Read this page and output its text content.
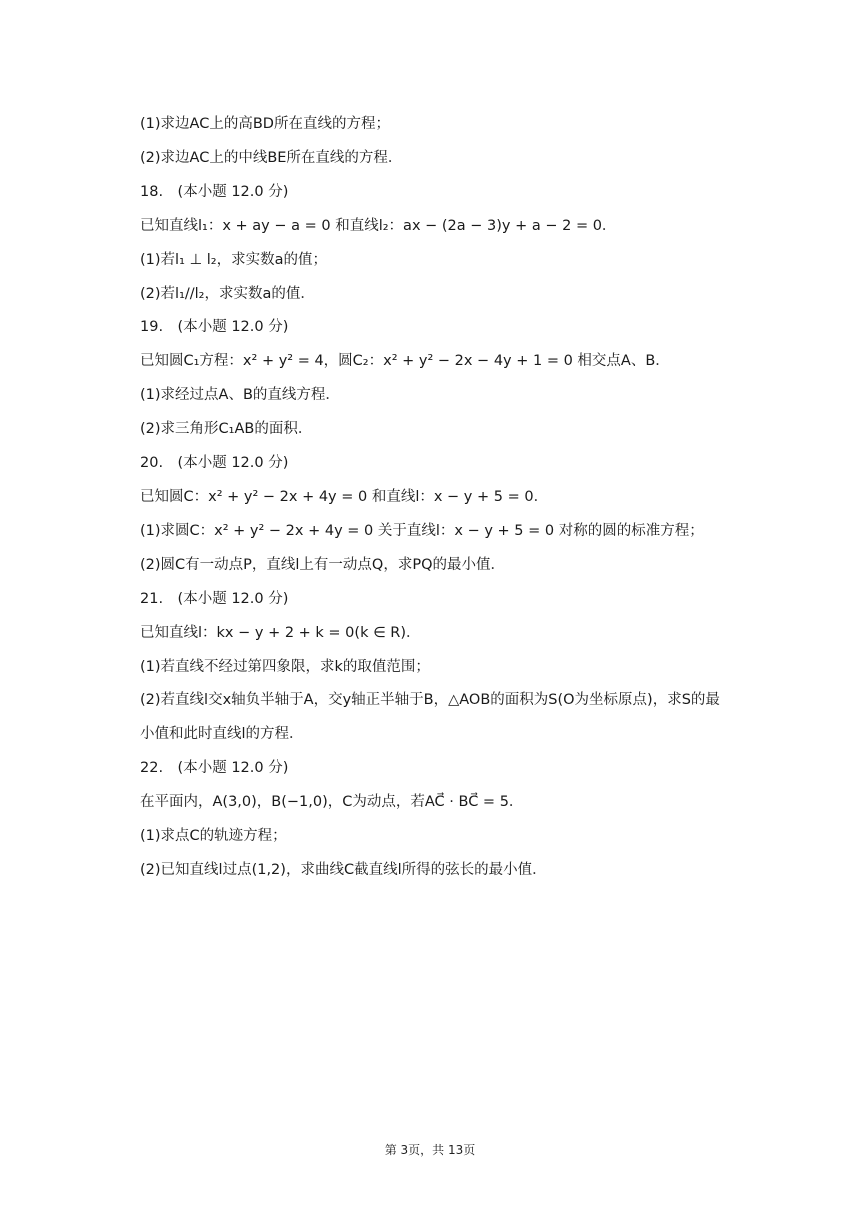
(1)求边AC上的高BD所在直线的方程；
(2)求边AC上的中线BE所在直线的方程．
18.　(本小题 12.0 分)
已知直线l₁：x + ay − a = 0 和直线l₂：ax − (2a − 3)y + a − 2 = 0．
(1)若l₁ ⊥ l₂，求实数a的值；
(2)若l₁//l₂，求实数a的值．
19.　(本小题 12.0 分)
已知圆C₁方程：x² + y² = 4，圆C₂：x² + y² − 2x − 4y + 1 = 0 相交点A、B．
(1)求经过点A、B的直线方程．
(2)求三角形C₁AB的面积．
20.　(本小题 12.0 分)
已知圆C：x² + y² − 2x + 4y = 0 和直线l：x − y + 5 = 0．
(1)求圆C：x² + y² − 2x + 4y = 0 关于直线l：x − y + 5 = 0 对称的圆的标准方程；
(2)圆C有一动点P，直线l上有一动点Q，求PQ的最小值．
21.　(本小题 12.0 分)
已知直线l：kx − y + 2 + k = 0(k ∈ R)．
(1)若直线不经过第四象限，求k的取值范围；
(2)若直线l交x轴负半轴于A，交y轴正半轴于B，△AOB的面积为S(O为坐标原点)，求S的最
小值和此时直线l的方程．
22.　(本小题 12.0 分)
在平面内，A(3,0)，B(−1,0)，C为动点，若AC⃗ · BC⃗ = 5．
(1)求点C的轨迹方程；
(2)已知直线l过点(1,2)，求曲线C截直线l所得的弦长的最小值．
第 3页，共 13页
